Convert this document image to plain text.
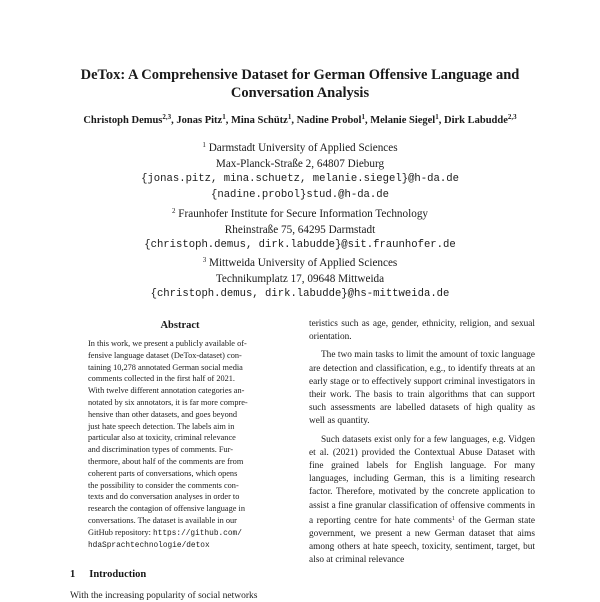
DeTox: A Comprehensive Dataset for German Offensive Language and
Conversation Analysis
Christoph Demus$^{2,3}$, Jonas Pitz$^1$, Mina Schütz$^1$, Nadine Probol$^1$, Melanie Siegel$^1$, Dirk Labudde$^{2,3}$
$^1$ Darmstadt University of Applied Sciences
Max-Planck-Straße 2, 64807 Dieburg
{jonas.pitz, mina.schuetz, melanie.siegel}@h-da.de
{nadine.probol}stud.@h-da.de
$^2$ Fraunhofer Institute for Secure Information Technology
Rheinstraße 75, 64295 Darmstadt
{christoph.demus, dirk.labudde}@sit.fraunhofer.de
$^3$ Mittweida University of Applied Sciences
Technikumplatz 17, 09648 Mittweida
{christoph.demus, dirk.labudde}@hs-mittweida.de
Abstract
In this work, we present a publicly available of-
fensive language dataset (DeTox-dataset) con-
taining 10,278 annotated German social media
comments collected in the first half of 2021.
With twelve different annotation categories an-
notated by six annotators, it is far more compre-
hensive than other datasets, and goes beyond
just hate speech detection. The labels aim in
particular also at toxicity, criminal relevance
and discrimination types of comments. Fur-
thermore, about half of the comments are from
coherent parts of conversations, which opens
the possibility to consider the comments con-
texts and do conversation analyses in order to
research the contagion of offensive language in
conversations. The dataset is available in our
GitHub repository: https://github.com/
hdaSprachtechnologie/detox
1 Introduction
With the increasing popularity of social networks

teristics such as age, gender, ethnicity, religion, and sexual orientation.

The two main tasks to limit the amount of toxic language are detection and classification, e.g., to identify threats at an early stage or to effectively support criminal investigators in their work. The basis to train algorithms that can support such assessments are labelled datasets of high quality as well as quantity.

Such datasets exist only for a few languages, e.g. Vidgen et al. (2021) provided the Contextual Abuse Dataset with fine grained labels for English language. For many languages, including German, this is a limiting research factor. Therefore, motivated by the concrete application to assist a fine granular classification of offensive comments in a reporting centre for hate comments$^1$ of the German state government, we present a new German dataset that aims among others at hate speech, toxicity, sentiment, target, but also at criminal relevance
